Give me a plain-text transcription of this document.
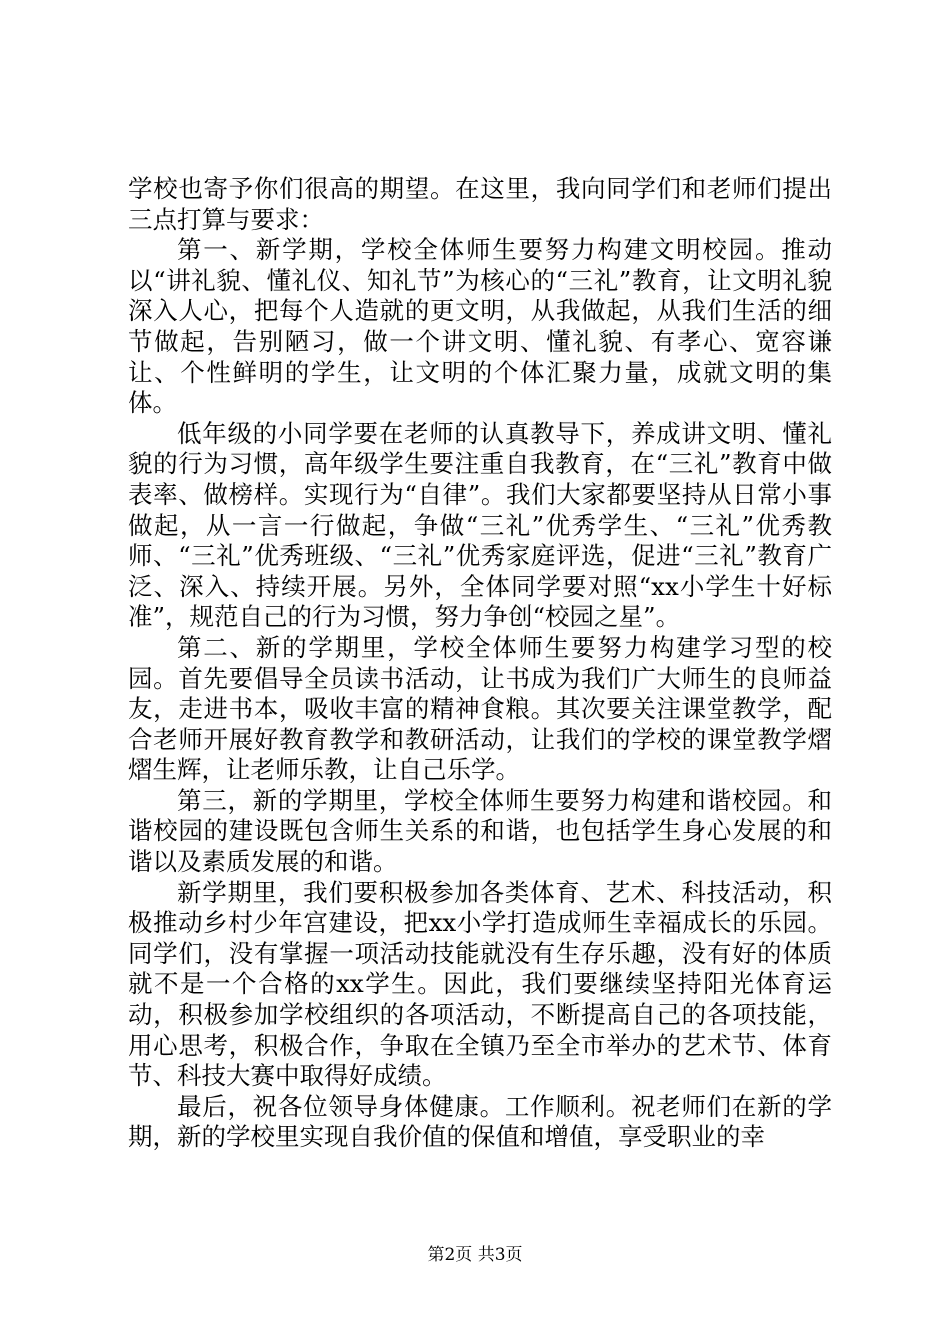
学校也寄予你们很高的期望。在这里，我向同学们和老师们提出三点打算与要求：

第一、新学期，学校全体师生要努力构建文明校园。推动以“讲礼貌、懂礼仪、知礼节”为核心的“三礼”教育，让文明礼貌深入人心，把每个人造就的更文明，从我做起，从我们生活的细节做起，告别陋习，做一个讲文明、懂礼貌、有孝心、宽容谦让、个性鲜明的学生，让文明的个体汇聚力量，成就文明的集体。

低年级的小同学要在老师的认真教导下，养成讲文明、懂礼貌的行为习惯，高年级学生要注重自我教育，在“三礼”教育中做表率、做榜样。实现行为“自律”。我们大家都要坚持从日常小事做起，从一言一行做起，争做“三礼”优秀学生、“三礼”优秀教师、“三礼”优秀班级、“三礼”优秀家庭评选，促进“三礼”教育广泛、深入、持续开展。另外，全体同学要对照“xx小学生十好标准”，规范自己的行为习惯，努力争创“校园之星”。

第二、新的学期里，学校全体师生要努力构建学习型的校园。首先要倡导全员读书活动，让书成为我们广大师生的良师益友，走进书本，吸收丰富的精神食粮。其次要关注课堂教学，配合老师开展好教育教学和教研活动，让我们的学校的课堂教学熠熠生辉，让老师乐教，让自己乐学。

第三，新的学期里，学校全体师生要努力构建和谐校园。和谐校园的建设既包含师生关系的和谐，也包括学生身心发展的和谐以及素质发展的和谐。

新学期里，我们要积极参加各类体育、艺术、科技活动，积极推动乡村少年宫建设，把xx小学打造成师生幸福成长的乐园。同学们，没有掌握一项活动技能就没有生存乐趣，没有好的体质就不是一个合格的xx学生。因此，我们要继续坚持阳光体育运动，积极参加学校组织的各项活动，不断提高自己的各项技能，用心思考，积极合作，争取在全镇乃至全市举办的艺术节、体育节、科技大赛中取得好成绩。

最后，祝各位领导身体健康。工作顺利。祝老师们在新的学期，新的学校里实现自我价值的保值和增值，享受职业的幸

第2页 共3页
